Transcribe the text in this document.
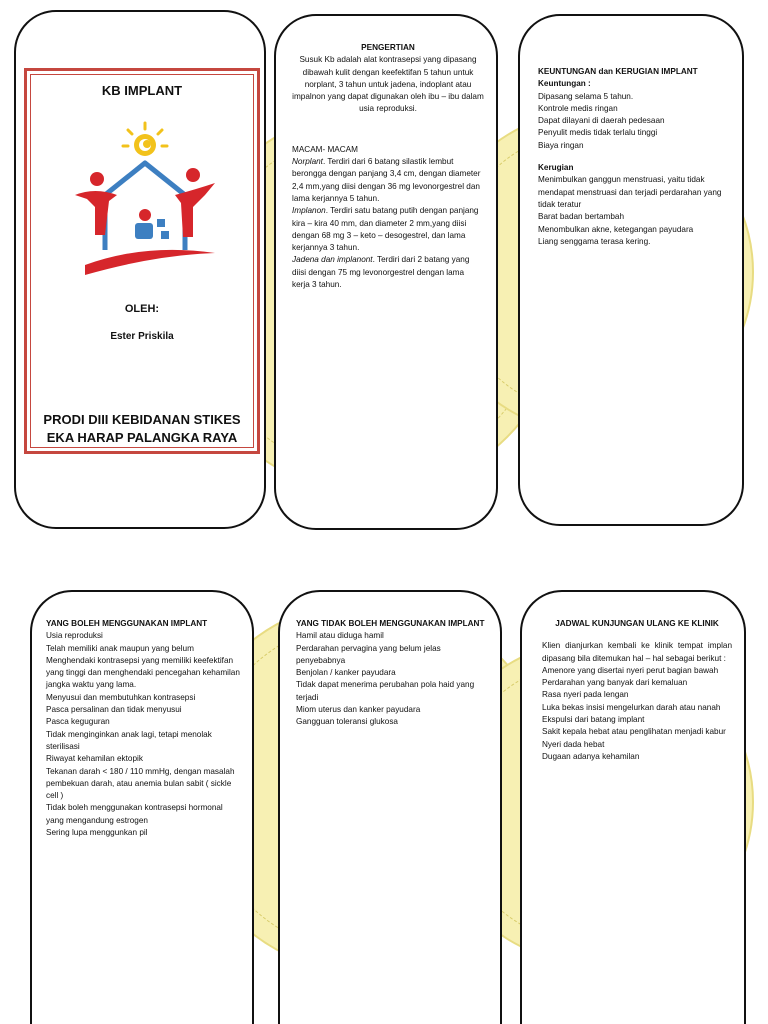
KB IMPLANT
OLEH:
Ester Priskila
PRODI DIII KEBIDANAN STIKES EKA HARAP PALANGKA RAYA

PENGERTIAN

Susuk Kb adalah alat kontrasepsi yang dipasang dibawah kulit dengan keefektifan 5 tahun untuk norplant, 3 tahun untuk jadena, indoplant atau impalnon yang dapat digunakan oleh ibu – ibu dalam usia reproduksi.

MACAM- MACAM

Norplant. Terdiri dari 6 batang silastik lembut berongga dengan panjang 3,4 cm, dengan diameter 2,4 mm,yang diisi dengan 36 mg levonorgestrel dan lama kerjannya 5 tahun.

Implanon. Terdiri satu batang putih dengan panjang kira – kira 40 mm, dan diameter 2 mm,yang diisi dengan 68 mg 3 – keto – desogestrel, dan lama kerjannya 3 tahun.

Jadena dan implanont. Terdiri dari 2 batang yang diisi dengan 75 mg levonorgestrel dengan lama kerja 3 tahun.

KEUNTUNGAN dan KERUGIAN IMPLANT

Keuntungan :

Dipasang selama 5 tahun.

Kontrole medis ringan

Dapat dilayani di daerah pedesaan

Penyulit medis tidak terlalu tinggi

Biaya ringan

Kerugian

Menimbulkan ganggun menstruasi, yaitu tidak mendapat menstruasi dan terjadi perdarahan yang tidak teratur

Barat badan bertambah

Menombulkan akne, ketegangan payudara

Liang senggama terasa kering.

YANG BOLEH MENGGUNAKAN IMPLANT

Usia reproduksi

Telah memiliki anak maupun yang belum

Menghendaki kontrasepsi yang memiliki keefektifan yang tinggi dan menghendaki pencegahan kehamilan jangka waktu yang lama.

Menyusui dan membutuhkan kontrasepsi

Pasca persalinan dan tidak menyusui

Pasca keguguran

Tidak menginginkan anak lagi, tetapi menolak sterilisasi

Riwayat kehamilan ektopik

Tekanan darah < 180 / 110 mmHg, dengan masalah pembekuan darah, atau anemia bulan sabit ( sickle cell )

Tidak boleh menggunakan kontrasepsi hormonal yang mengandung estrogen

Sering lupa menggunkan pil

YANG TIDAK BOLEH MENGGUNAKAN IMPLANT

Hamil atau diduga hamil

Perdarahan pervagina yang belum jelas penyebabnya

Benjolan / kanker payudara

Tidak dapat menerima perubahan pola haid yang terjadi

Miom uterus dan kanker payudara

Gangguan toleransi glukosa

JADWAL KUNJUNGAN ULANG KE KLINIK

Klien dianjurkan kembali ke klinik tempat implan dipasang bila ditemukan hal – hal sebagai berikut :

Amenore yang disertai nyeri perut bagian bawah

Perdarahan yang banyak dari kemaluan

Rasa nyeri pada lengan

Luka bekas insisi mengelurkan darah atau nanah

Ekspulsi dari batang implant

Sakit kepala hebat atau penglihatan menjadi kabur

Nyeri dada hebat

Dugaan adanya kehamilan
